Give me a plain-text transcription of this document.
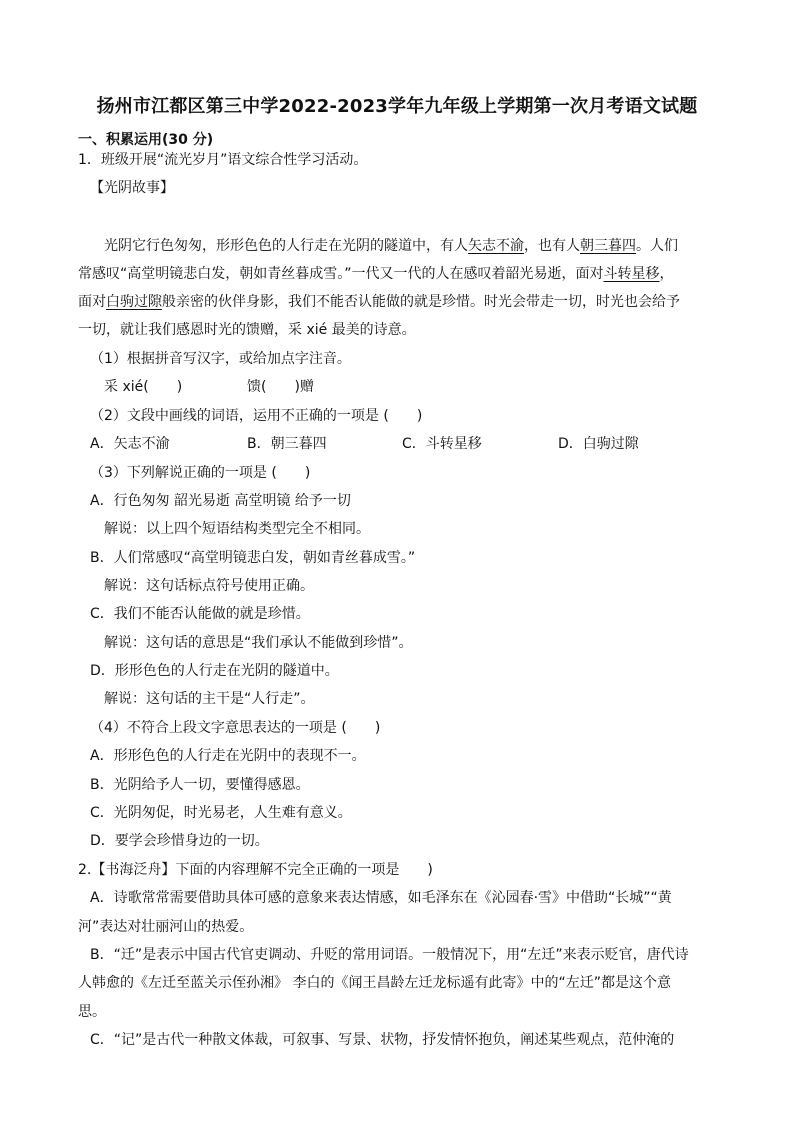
扬州市江都区第三中学2022-2023学年九年级上学期第一次月考语文试题
一、积累运用(30 分)
1．班级开展“流光岁月”语文综合性学习活动。
【光阴故事】
光阴它行色匆匆，形形色色的人行走在光阴的隧道中，有人矢志不渝，也有人朝三暮四。人们
常感叹“高堂明镜悲白发，朝如青丝暮成雪。”一代又一代的人在感叹着韶光易逝，面对斗转星移，
面对白驹过隙般亲密的伙伴身影，我们不能否认能做的就是珍惜。时光会带走一切，时光也会给予
一切，就让我们感恩时光的馈赠，采 xié 最美的诗意。
（1）根据拼音写汉字，或给加点字注音。
采 xié(　　)	馈(　　)赠
（2）文段中画线的词语，运用不正确的一项是 (　　)
A．矢志不渝	B．朝三暮四	C．斗转星移	D．白驹过隙
（3）下列解说正确的一项是 (　　)
A．行色匆匆 韶光易逝 高堂明镜 给予一切
解说：以上四个短语结构类型完全不相同。
B．人们常感叹“高堂明镜悲白发，朝如青丝暮成雪。”
解说：这句话标点符号使用正确。
C．我们不能否认能做的就是珍惜。
解说：这句话的意思是“我们承认不能做到珍惜”。
D．形形色色的人行走在光阴的隧道中。
解说：这句话的主干是“人行走”。
（4）不符合上段文字意思表达的一项是 (　　)
A．形形色色的人行走在光阴中的表现不一。
B．光阴给予人一切，要懂得感恩。
C．光阴匆促，时光易老，人生难有意义。
D．要学会珍惜身边的一切。
2.【书海泛舟】下面的内容理解不完全正确的一项是　　)
A．诗歌常常需要借助具体可感的意象来表达情感，如毛泽东在《沁园春·雪》中借助“长城”“黄
河”表达对壮丽河山的热爱。
B．“迁”是表示中国古代官吏调动、升贬的常用词语。一般情况下，用“左迁”来表示贬官，唐代诗
人韩愈的《左迁至蓝关示侄孙湘》 李白的《闻王昌龄左迁龙标遥有此寄》中的“左迁”都是这个意
思。
C．“记”是古代一种散文体裁，可叙事、写景、状物，抒发情怀抱负，阐述某些观点，范仲淹的
